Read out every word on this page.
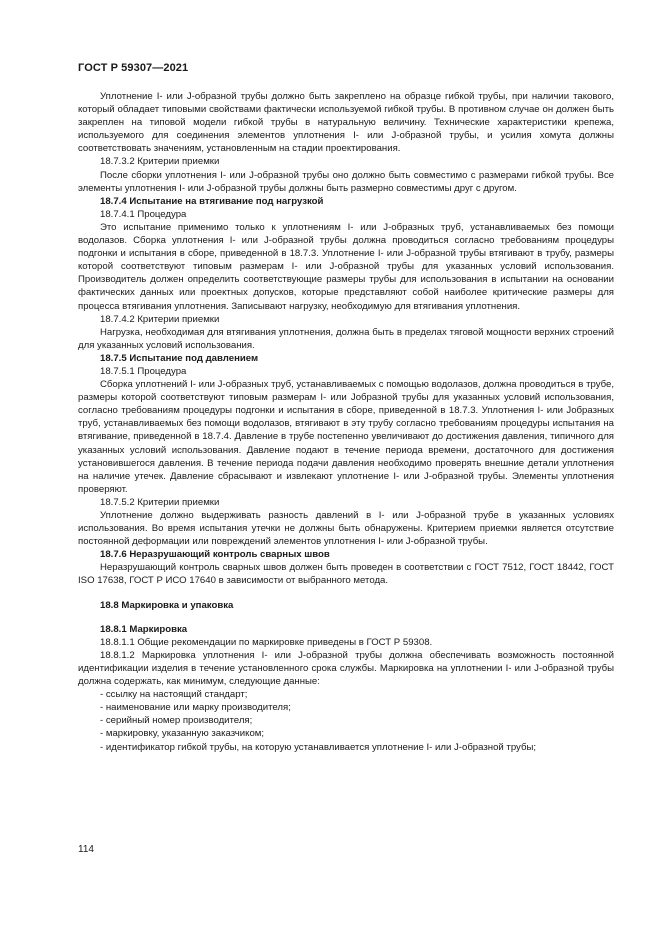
ГОСТ Р 59307—2021

Уплотнение I- или J-образной трубы должно быть закреплено на образце гибкой трубы, при наличии такового, который обладает типовыми свойствами фактически используемой гибкой трубы. В противном случае он должен быть закреплен на типовой модели гибкой трубы в натуральную величину. Технические характеристики крепежа, используемого для соединения элементов уплотнения I- или J-образной трубы, и усилия хомута должны соответствовать значениям, установленным на стадии проектирования.

18.7.3.2 Критерии приемки

После сборки уплотнения I- или J-образной трубы оно должно быть совместимо с размерами гибкой трубы. Все элементы уплотнения I- или J-образной трубы должны быть размерно совместимы друг с другом.

18.7.4 Испытание на втягивание под нагрузкой

18.7.4.1 Процедура

Это испытание применимо только к уплотнениям I- или J-образных труб, устанавливаемых без помощи водолазов. Сборка уплотнения I- или J-образной трубы должна проводиться согласно требованиям процедуры подгонки и испытания в сборе, приведенной в 18.7.3. Уплотнение I- или J-образной трубы втягивают в трубу, размеры которой соответствуют типовым размерам I- или J-образной трубы для указанных условий использования. Производитель должен определить соответствующие размеры трубы для использования в испытании на основании фактических данных или проектных допусков, которые представляют собой наиболее критические размеры для процесса втягивания уплотнения. Записывают нагрузку, необходимую для втягивания уплотнения.

18.7.4.2 Критерии приемки

Нагрузка, необходимая для втягивания уплотнения, должна быть в пределах тяговой мощности верхних строений для указанных условий использования.

18.7.5 Испытание под давлением

18.7.5.1 Процедура

Сборка уплотнений I- или J-образных труб, устанавливаемых с помощью водолазов, должна проводиться в трубе, размеры которой соответствуют типовым размерам I- или Jобразной трубы для указанных условий использования, согласно требованиям процедуры подгонки и испытания в сборе, приведенной в 18.7.3. Уплотнения I- или Jобразных труб, устанавливаемых без помощи водолазов, втягивают в эту трубу согласно требованиям процедуры испытания на втягивание, приведенной в 18.7.4. Давление в трубе постепенно увеличивают до достижения давления, типичного для указанных условий использования. Давление подают в течение периода времени, достаточного для достижения установившегося давления. В течение периода подачи давления необходимо проверять внешние детали уплотнения на наличие утечек. Давление сбрасывают и извлекают уплотнение I- или J-образной трубы. Элементы уплотнения проверяют.

18.7.5.2 Критерии приемки

Уплотнение должно выдерживать разность давлений в I- или J-образной трубе в указанных условиях использования. Во время испытания утечки не должны быть обнаружены. Критерием приемки является отсутствие постоянной деформации или повреждений элементов уплотнения I- или J-образной трубы.

18.7.6 Неразрушающий контроль сварных швов

Неразрушающий контроль сварных швов должен быть проведен в соответствии с ГОСТ 7512, ГОСТ 18442, ГОСТ ISO 17638, ГОСТ Р ИСО 17640 в зависимости от выбранного метода.

18.8 Маркировка и упаковка

18.8.1 Маркировка

18.8.1.1 Общие рекомендации по маркировке приведены в ГОСТ Р 59308.

18.8.1.2 Маркировка уплотнения I- или J-образной трубы должна обеспечивать возможность постоянной идентификации изделия в течение установленного срока службы. Маркировка на уплотнении I- или J-образной трубы должна содержать, как минимум, следующие данные:

- ссылку на настоящий стандарт;

- наименование или марку производителя;

- серийный номер производителя;

- маркировку, указанную заказчиком;

- идентификатор гибкой трубы, на которую устанавливается уплотнение I- или J-образной трубы;

114
